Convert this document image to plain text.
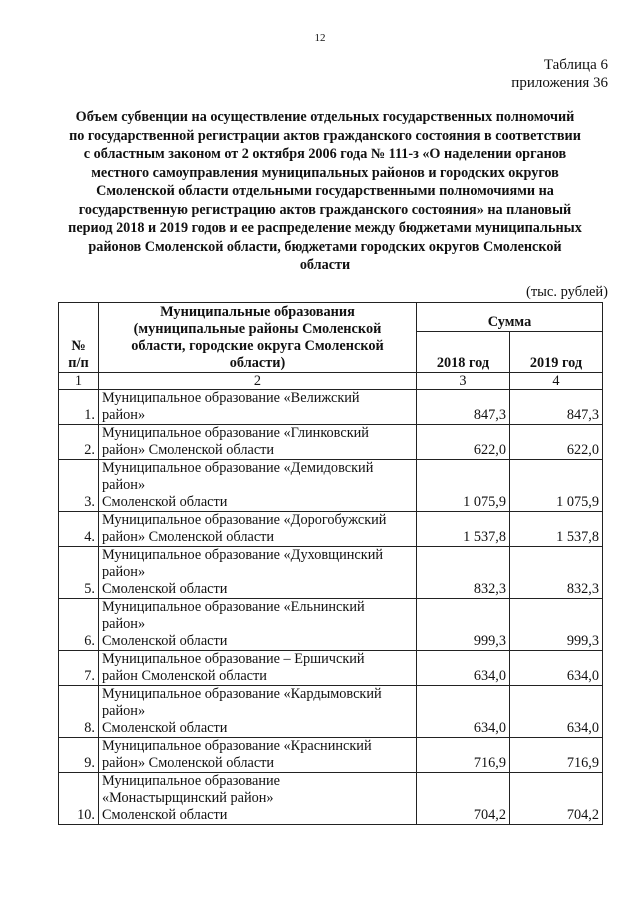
12
Таблица 6
приложения 36
Объем субвенции на осуществление отдельных государственных полномочий
по государственной регистрации актов гражданского состояния в соответствии
с областным законом от 2 октября 2006 года № 111-з «О наделении органов
местного самоуправления муниципальных районов и городских округов
Смоленской области отдельными государственными полномочиями на
государственную регистрацию актов гражданского состояния» на плановый
период 2018 и 2019 годов и ее распределение между бюджетами муниципальных
районов Смоленской области, бюджетами городских округов Смоленской
области
(тыс. рублей)
№
п/п	Муниципальные образования
(муниципальные районы Смоленской
области, городские округа Смоленской
области)	Сумма	
		2018 год	2019 год
1	2	3	4
1.	Муниципальное образование «Велижский
район»	847,3	847,3
2.	Муниципальное образование «Глинковский
район» Смоленской области	622,0	622,0
3.	Муниципальное образование «Демидовский
район»
Смоленской области	1 075,9	1 075,9
4.	Муниципальное образование «Дорогобужский
район» Смоленской области	1 537,8	1 537,8
5.	Муниципальное образование «Духовщинский
район»
Смоленской области	832,3	832,3
6.	Муниципальное образование «Ельнинский
район»
Смоленской области	999,3	999,3
7.	Муниципальное образование – Ершичский
район Смоленской области	634,0	634,0
8.	Муниципальное образование «Кардымовский
район»
Смоленской области	634,0	634,0
9.	Муниципальное образование «Краснинский
район» Смоленской области	716,9	716,9
10.	Муниципальное образование
«Монастырщинский район»
Смоленской области	704,2	704,2
